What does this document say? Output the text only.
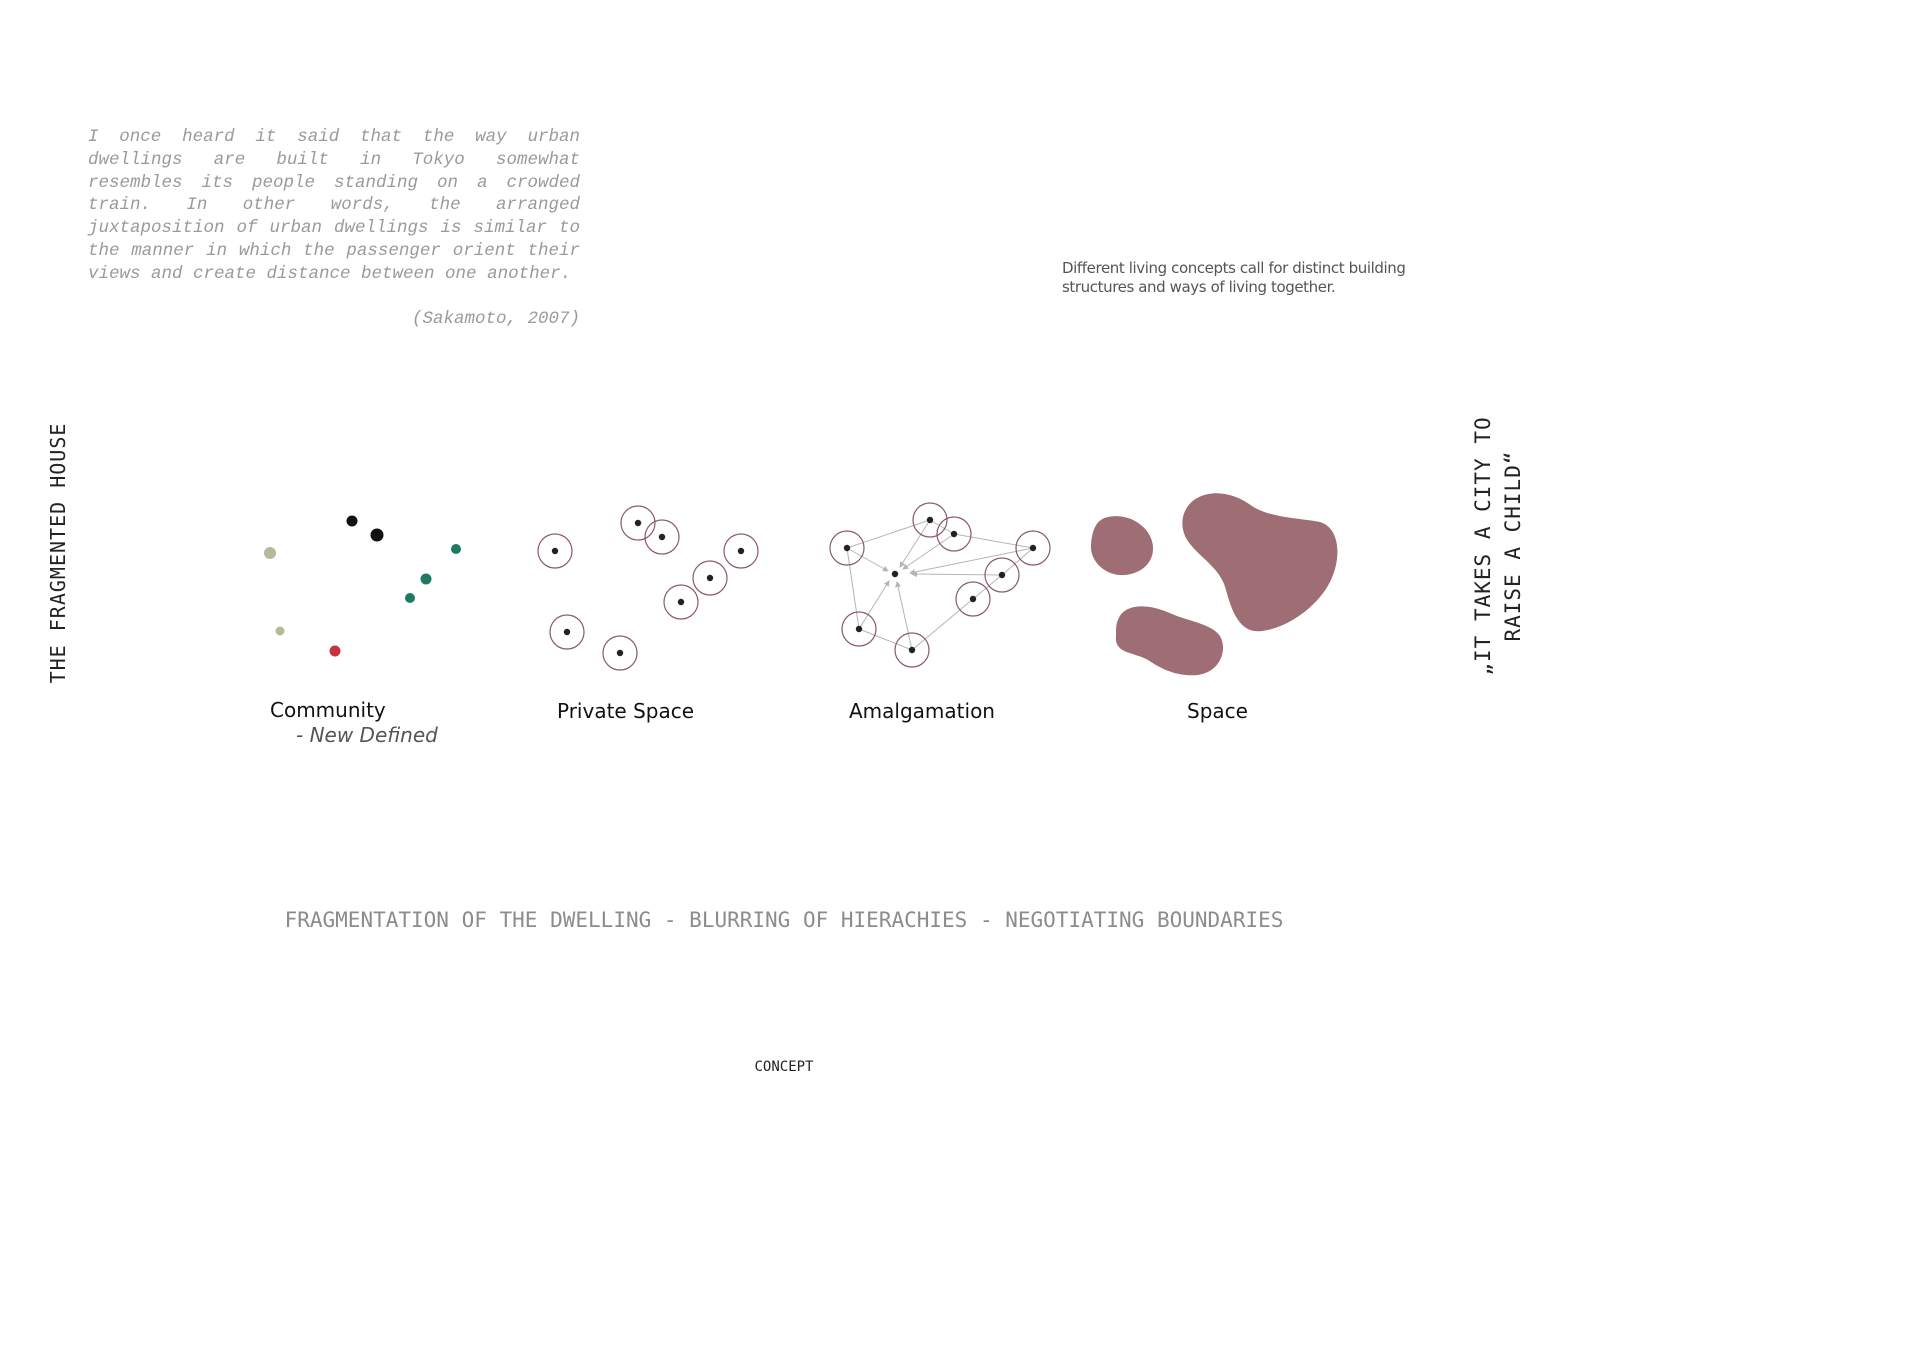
I once heard it said that the way urban dwellings are built in Tokyo somewhat resembles its people standing on a crowded train. In other words, the arranged juxtaposition of urban dwellings is similar to the manner in which the passenger orient their views and create distance between one another.
(Sakamoto, 2007)
Different living concepts call for distinct building structures and ways of living together.
THE FRAGMENTED HOUSE	„IT TAKES A CITY TO
RAISE A CHILD“
Community
- New Defined
Private Space	Amalgamation	Space
FRAGMENTATION OF THE DWELLING - BLURRING OF HIERACHIES - NEGOTIATING BOUNDARIES
CONCEPT
